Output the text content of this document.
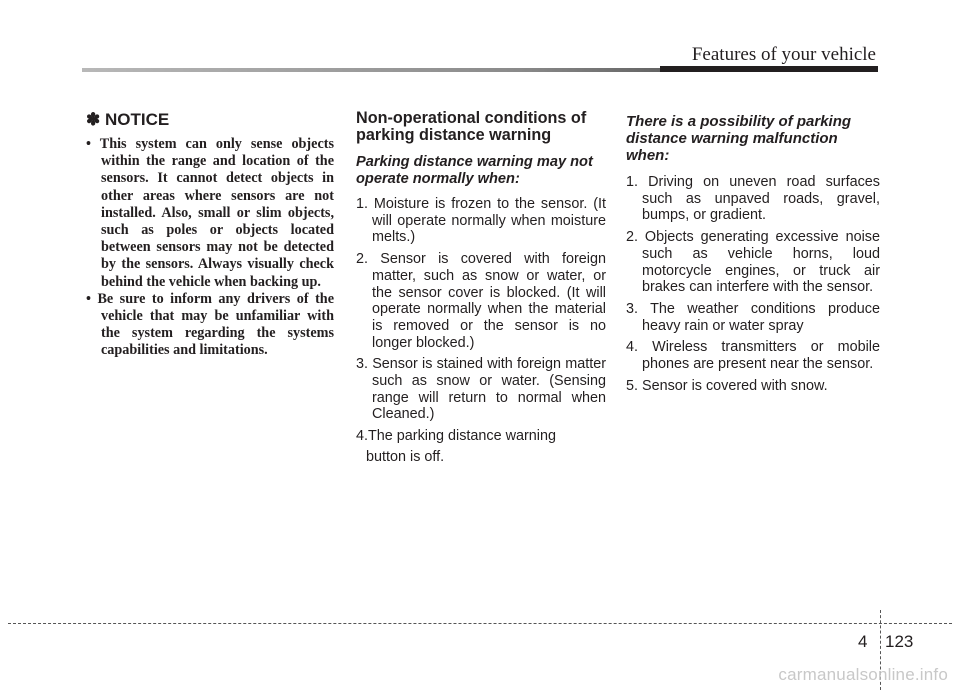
Features of your vehicle
✽ NOTICE
• This system can only sense objects within the range and location of the sensors. It cannot detect objects in other areas where sensors are not installed. Also, small or slim objects, such as poles or objects located between sensors may not be detected by the sensors. Always visually check behind the vehicle when backing up.
• Be sure to inform any drivers of the vehicle that may be unfamiliar with the system regarding the systems capabilities and limitations.
Non-operational conditions of parking distance warning
Parking distance warning may not operate normally when:
1. Moisture is frozen to the sensor. (It will operate normally when moisture melts.)
2. Sensor is covered with foreign matter, such as snow or water, or the sensor cover is blocked. (It will operate normally when the material is removed or the sensor is no longer blocked.)
3. Sensor is stained with foreign matter such as snow or water. (Sensing range will return to normal when Cleaned.)
4.The parking distance warning
button is off.
There is a possibility of parking distance warning malfunction when:
1. Driving on uneven road surfaces such as unpaved roads, gravel, bumps, or gradient.
2. Objects generating excessive noise such as vehicle horns, loud motorcycle engines, or truck air brakes can interfere with the sensor.
3. The weather conditions produce heavy rain or water spray
4. Wireless transmitters or mobile phones are present near the sensor.
5. Sensor is covered with snow.
4 123
carmanualsonline.info
